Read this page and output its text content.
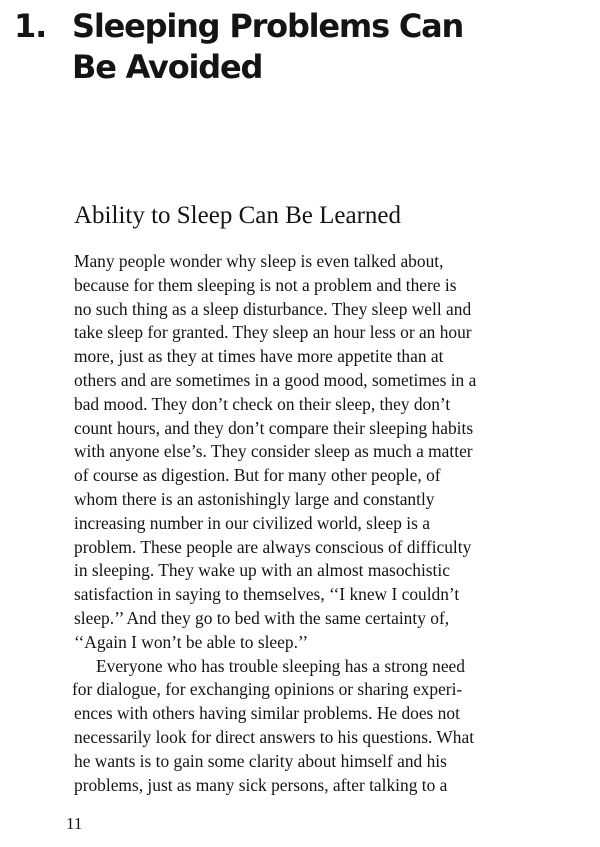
1. Sleeping Problems Can
Be Avoided
Ability to Sleep Can Be Learned
Many people wonder why sleep is even talked about,
because for them sleeping is not a problem and there is
no such thing as a sleep disturbance. They sleep well and
take sleep for granted. They sleep an hour less or an hour
more, just as they at times have more appetite than at
others and are sometimes in a good mood, sometimes in a
bad mood. They don’t check on their sleep, they don’t
count hours, and they don’t compare their sleeping habits
with anyone else’s. They consider sleep as much a matter
of course as digestion. But for many other people, of
whom there is an astonishingly large and constantly
increasing number in our civilized world, sleep is a
problem. These people are always conscious of difficulty
in sleeping. They wake up with an almost masochistic
satisfaction in saying to themselves, ‘‘I knew I couldn’t
sleep.’’ And they go to bed with the same certainty of,
‘‘Again I won’t be able to sleep.’’
Everyone who has trouble sleeping has a strong need
for dialogue, for exchanging opinions or sharing experi-
ences with others having similar problems. He does not
necessarily look for direct answers to his questions. What
he wants is to gain some clarity about himself and his
problems, just as many sick persons, after talking to a

11
